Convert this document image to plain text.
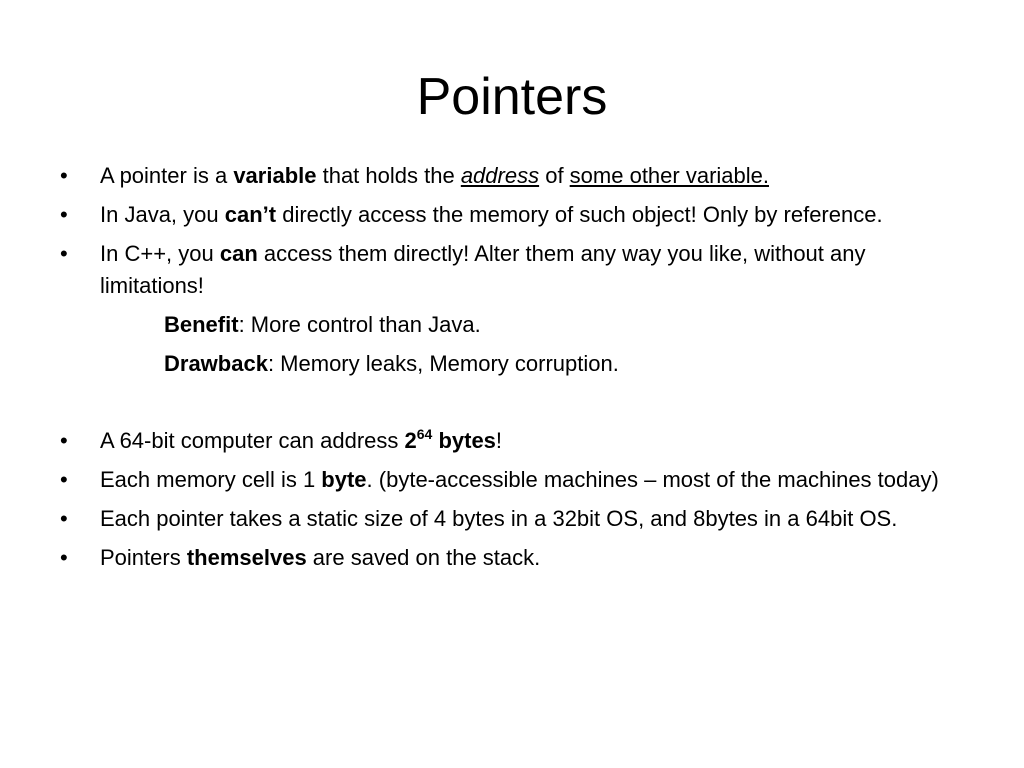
Pointers
•	A pointer is a variable that holds the address of some other variable.
•	In Java, you can’t directly access the memory of such object! Only by reference.
•	In C++, you can access them directly! Alter them any way you like, without any limitations!
Benefit: More control than Java.
Drawback: Memory leaks, Memory corruption.
•	A 64-bit computer can address $2^{64}$ bytes!
•	Each memory cell is 1 byte. (byte-accessible machines – most of the machines today)
•	Each pointer takes a static size of 4 bytes in a 32bit OS, and 8bytes in a 64bit OS.
•	Pointers themselves are saved on the stack.
